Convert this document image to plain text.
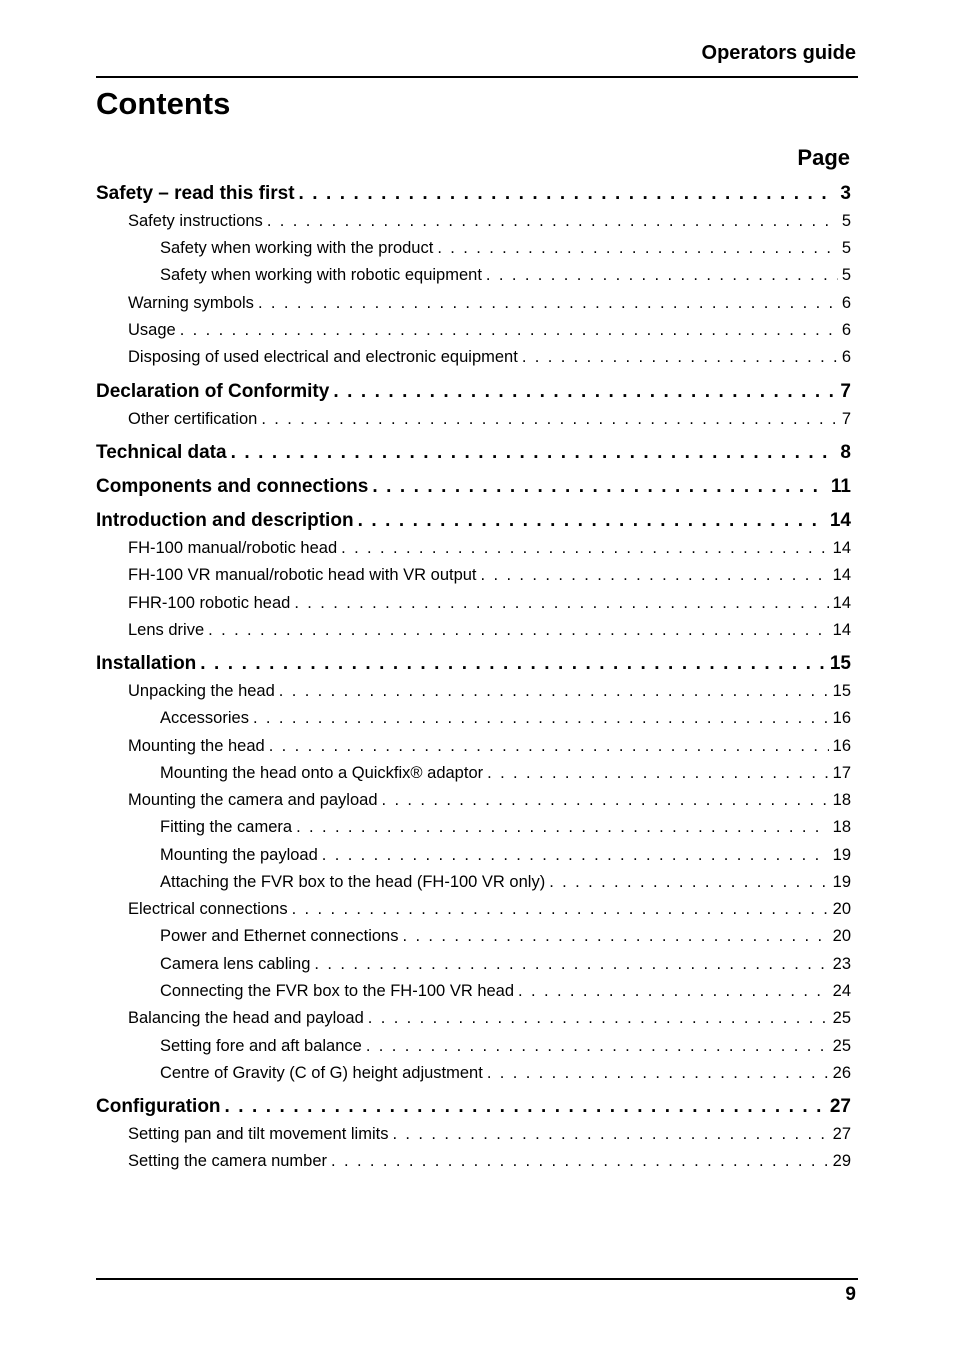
Operators guide
Contents
Page
Safety – read this first . . .	3
Safety instructions . . .	5
Safety when working with the product . . .	5
Safety when working with robotic equipment . . .	5
Warning symbols . . .	6
Usage . . .	6
Disposing of used electrical and electronic equipment . . .	6
Declaration of Conformity . . .	7
Other certification . . .	7
Technical data . . .	8
Components and connections . . .	11
Introduction and description . . .	14
FH-100 manual/robotic head . . .	14
FH-100 VR manual/robotic head with VR output . . .	14
FHR-100 robotic head . . .	14
Lens drive . . .	14
Installation . . .	15
Unpacking the head . . .	15
Accessories . . .	16
Mounting the head . . .	16
Mounting the head onto a Quickfix® adaptor . . .	17
Mounting the camera and payload . . .	18
Fitting the camera . . .	18
Mounting the payload . . .	19
Attaching the FVR box to the head (FH-100 VR only) . . .	19
Electrical connections . . .	20
Power and Ethernet connections . . .	20
Camera lens cabling . . .	23
Connecting the FVR box to the FH-100 VR head . . .	24
Balancing the head and payload . . .	25
Setting fore and aft balance . . .	25
Centre of Gravity (C of G) height adjustment . . .	26
Configuration . . .	27
Setting pan and tilt movement limits . . .	27
Setting the camera number . . .	29
9
